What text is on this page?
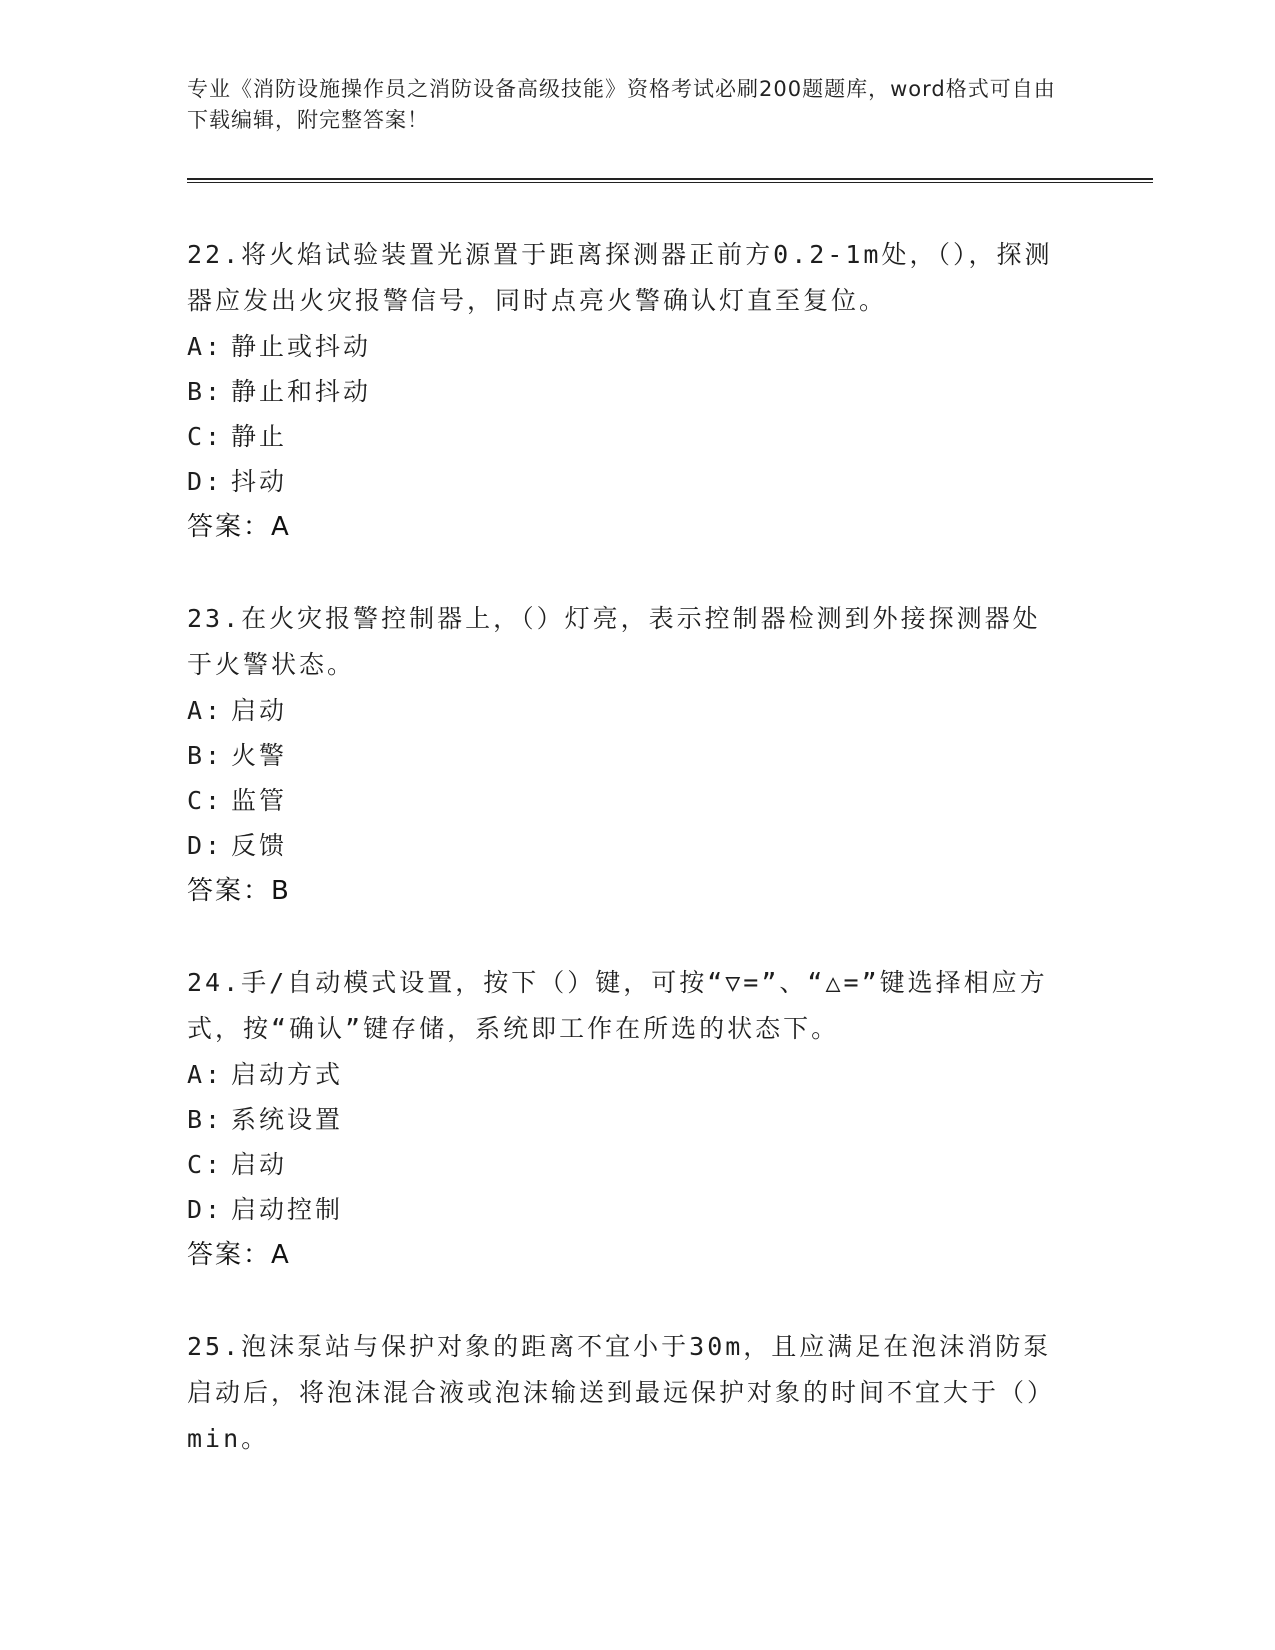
专业《消防设施操作员之消防设备高级技能》资格考试必刷200题题库，word格式可自由下载编辑，附完整答案！

22.将火焰试验装置光源置于距离探测器正前方0.2-1m处，（），探测器应发出火灾报警信号，同时点亮火警确认灯直至复位。

A: 静止或抖动

B: 静止和抖动

C: 静止

D: 抖动

答案：A

23.在火灾报警控制器上，（）灯亮，表示控制器检测到外接探测器处于火警状态。

A: 启动

B: 火警

C: 监管

D: 反馈

答案：B

24.手/自动模式设置，按下（）键，可按“▽=”、“△=”键选择相应方式，按“确认”键存储，系统即工作在所选的状态下。

A: 启动方式

B: 系统设置

C: 启动

D: 启动控制

答案：A

25.泡沫泵站与保护对象的距离不宜小于30m，且应满足在泡沫消防泵启动后，将泡沫混合液或泡沫输送到最远保护对象的时间不宜大于（）min。
